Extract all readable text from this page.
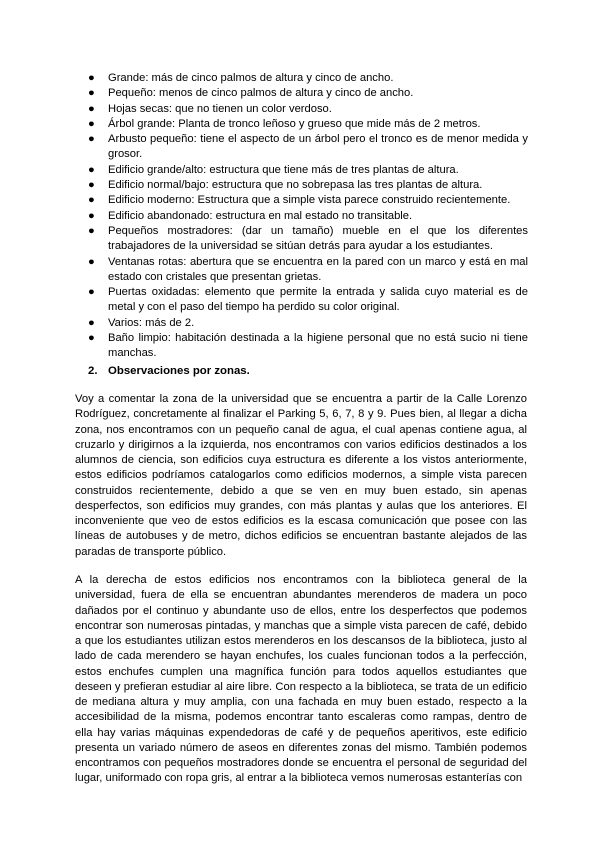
●	Grande: más de cinco palmos de altura y cinco de ancho.
●	Pequeño: menos de cinco palmos de altura y cinco de ancho.
●	Hojas secas: que no tienen un color verdoso.
●	Árbol grande: Planta de tronco leñoso y grueso que mide más de 2 metros.
●	Arbusto pequeño: tiene el aspecto de un árbol pero el tronco es de menor medida y grosor.
●	Edificio grande/alto: estructura que tiene más de tres plantas de altura.
●	Edificio normal/bajo: estructura que no sobrepasa las tres plantas de altura.
●	Edificio moderno: Estructura que a simple vista parece construido recientemente.
●	Edificio abandonado: estructura en mal estado no transitable.
●	Pequeños mostradores: (dar un tamaño) mueble en el que los diferentes trabajadores de la universidad se sitúan detrás para ayudar a los estudiantes.
●	Ventanas rotas: abertura que se encuentra en la pared con un marco y está en mal estado con cristales que presentan grietas.
●	Puertas oxidadas: elemento que permite la entrada y salida cuyo material es de metal y con el paso del tiempo ha perdido su color original.
●	Varios: más de 2.
●	Baño limpio: habitación destinada a la higiene personal que no está sucio ni tiene manchas.
2. Observaciones por zonas.

Voy a comentar la zona de la universidad que se encuentra a partir de la Calle Lorenzo Rodríguez, concretamente al finalizar el Parking 5, 6, 7, 8 y 9. Pues bien, al llegar a dicha zona, nos encontramos con un pequeño canal de agua, el cual apenas contiene agua, al cruzarlo y dirigirnos a la izquierda, nos encontramos con varios edificios destinados a los alumnos de ciencia, son edificios cuya estructura es diferente a los vistos anteriormente, estos edificios podríamos catalogarlos como edificios modernos, a simple vista parecen construidos recientemente, debido a que se ven en muy buen estado, sin apenas desperfectos, son edificios muy grandes, con más plantas y aulas que los anteriores. El inconveniente que veo de estos edificios es la escasa comunicación que posee con las líneas de autobuses y de metro, dichos edificios se encuentran bastante alejados de las paradas de transporte público.

A la derecha de estos edificios nos encontramos con la biblioteca general de la universidad, fuera de ella se encuentran abundantes merenderos de madera un poco dañados por el continuo y abundante uso de ellos, entre los desperfectos que podemos encontrar son numerosas pintadas, y manchas que a simple vista parecen de café, debido a que los estudiantes utilizan estos merenderos en los descansos de la biblioteca, justo al lado de cada merendero se hayan enchufes, los cuales funcionan todos a la perfección, estos enchufes cumplen una magnífica función para todos aquellos estudiantes que deseen y prefieran estudiar al aire libre. Con respecto a la biblioteca, se trata de un edificio de mediana altura y muy amplia, con una fachada en muy buen estado, respecto a la accesibilidad de la misma, podemos encontrar tanto escaleras como rampas, dentro de ella hay varias máquinas expendedoras de café y de pequeños aperitivos, este edificio presenta un variado número de aseos en diferentes zonas del mismo. También podemos encontramos con pequeños mostradores donde se encuentra el personal de seguridad del lugar, uniformado con ropa gris, al entrar a la biblioteca vemos numerosas estanterías con
